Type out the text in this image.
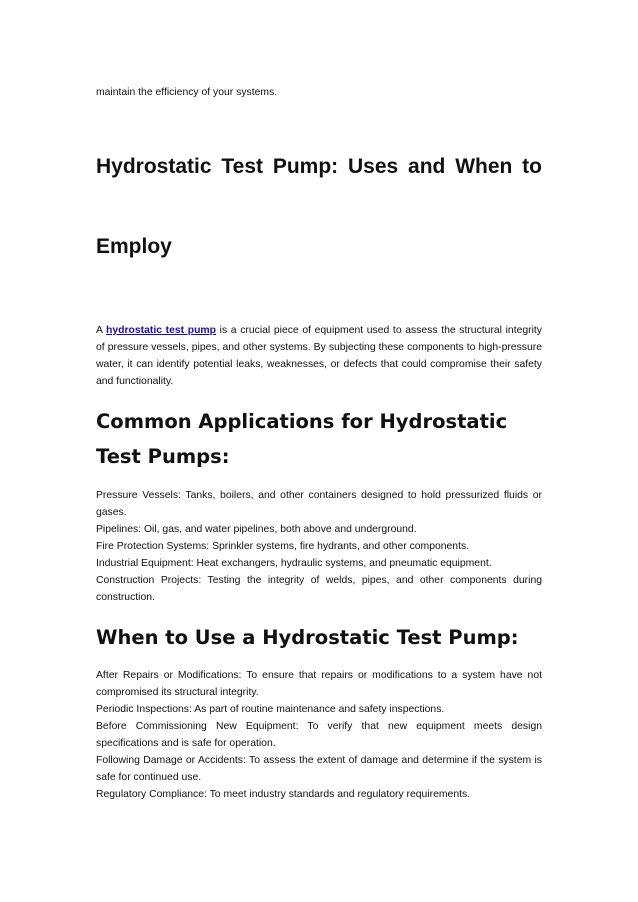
maintain the efficiency of your systems.
Hydrostatic Test Pump: Uses and When to
Employ

A hydrostatic test pump is a crucial piece of equipment used to assess the structural integrity of pressure vessels, pipes, and other systems. By subjecting these components to high-pressure water, it can identify potential leaks, weaknesses, or defects that could compromise their safety and functionality.

Common Applications for Hydrostatic Test Pumps:
Pressure Vessels: Tanks, boilers, and other containers designed to hold pressurized fluids or gases.
Pipelines: Oil, gas, and water pipelines, both above and underground.
Fire Protection Systems: Sprinkler systems, fire hydrants, and other components.
Industrial Equipment: Heat exchangers, hydraulic systems, and pneumatic equipment.
Construction Projects: Testing the integrity of welds, pipes, and other components during construction.
When to Use a Hydrostatic Test Pump:
After Repairs or Modifications: To ensure that repairs or modifications to a system have not compromised its structural integrity.
Periodic Inspections: As part of routine maintenance and safety inspections.
Before Commissioning New Equipment: To verify that new equipment meets design specifications and is safe for operation.
Following Damage or Accidents: To assess the extent of damage and determine if the system is safe for continued use.
Regulatory Compliance: To meet industry standards and regulatory requirements.
